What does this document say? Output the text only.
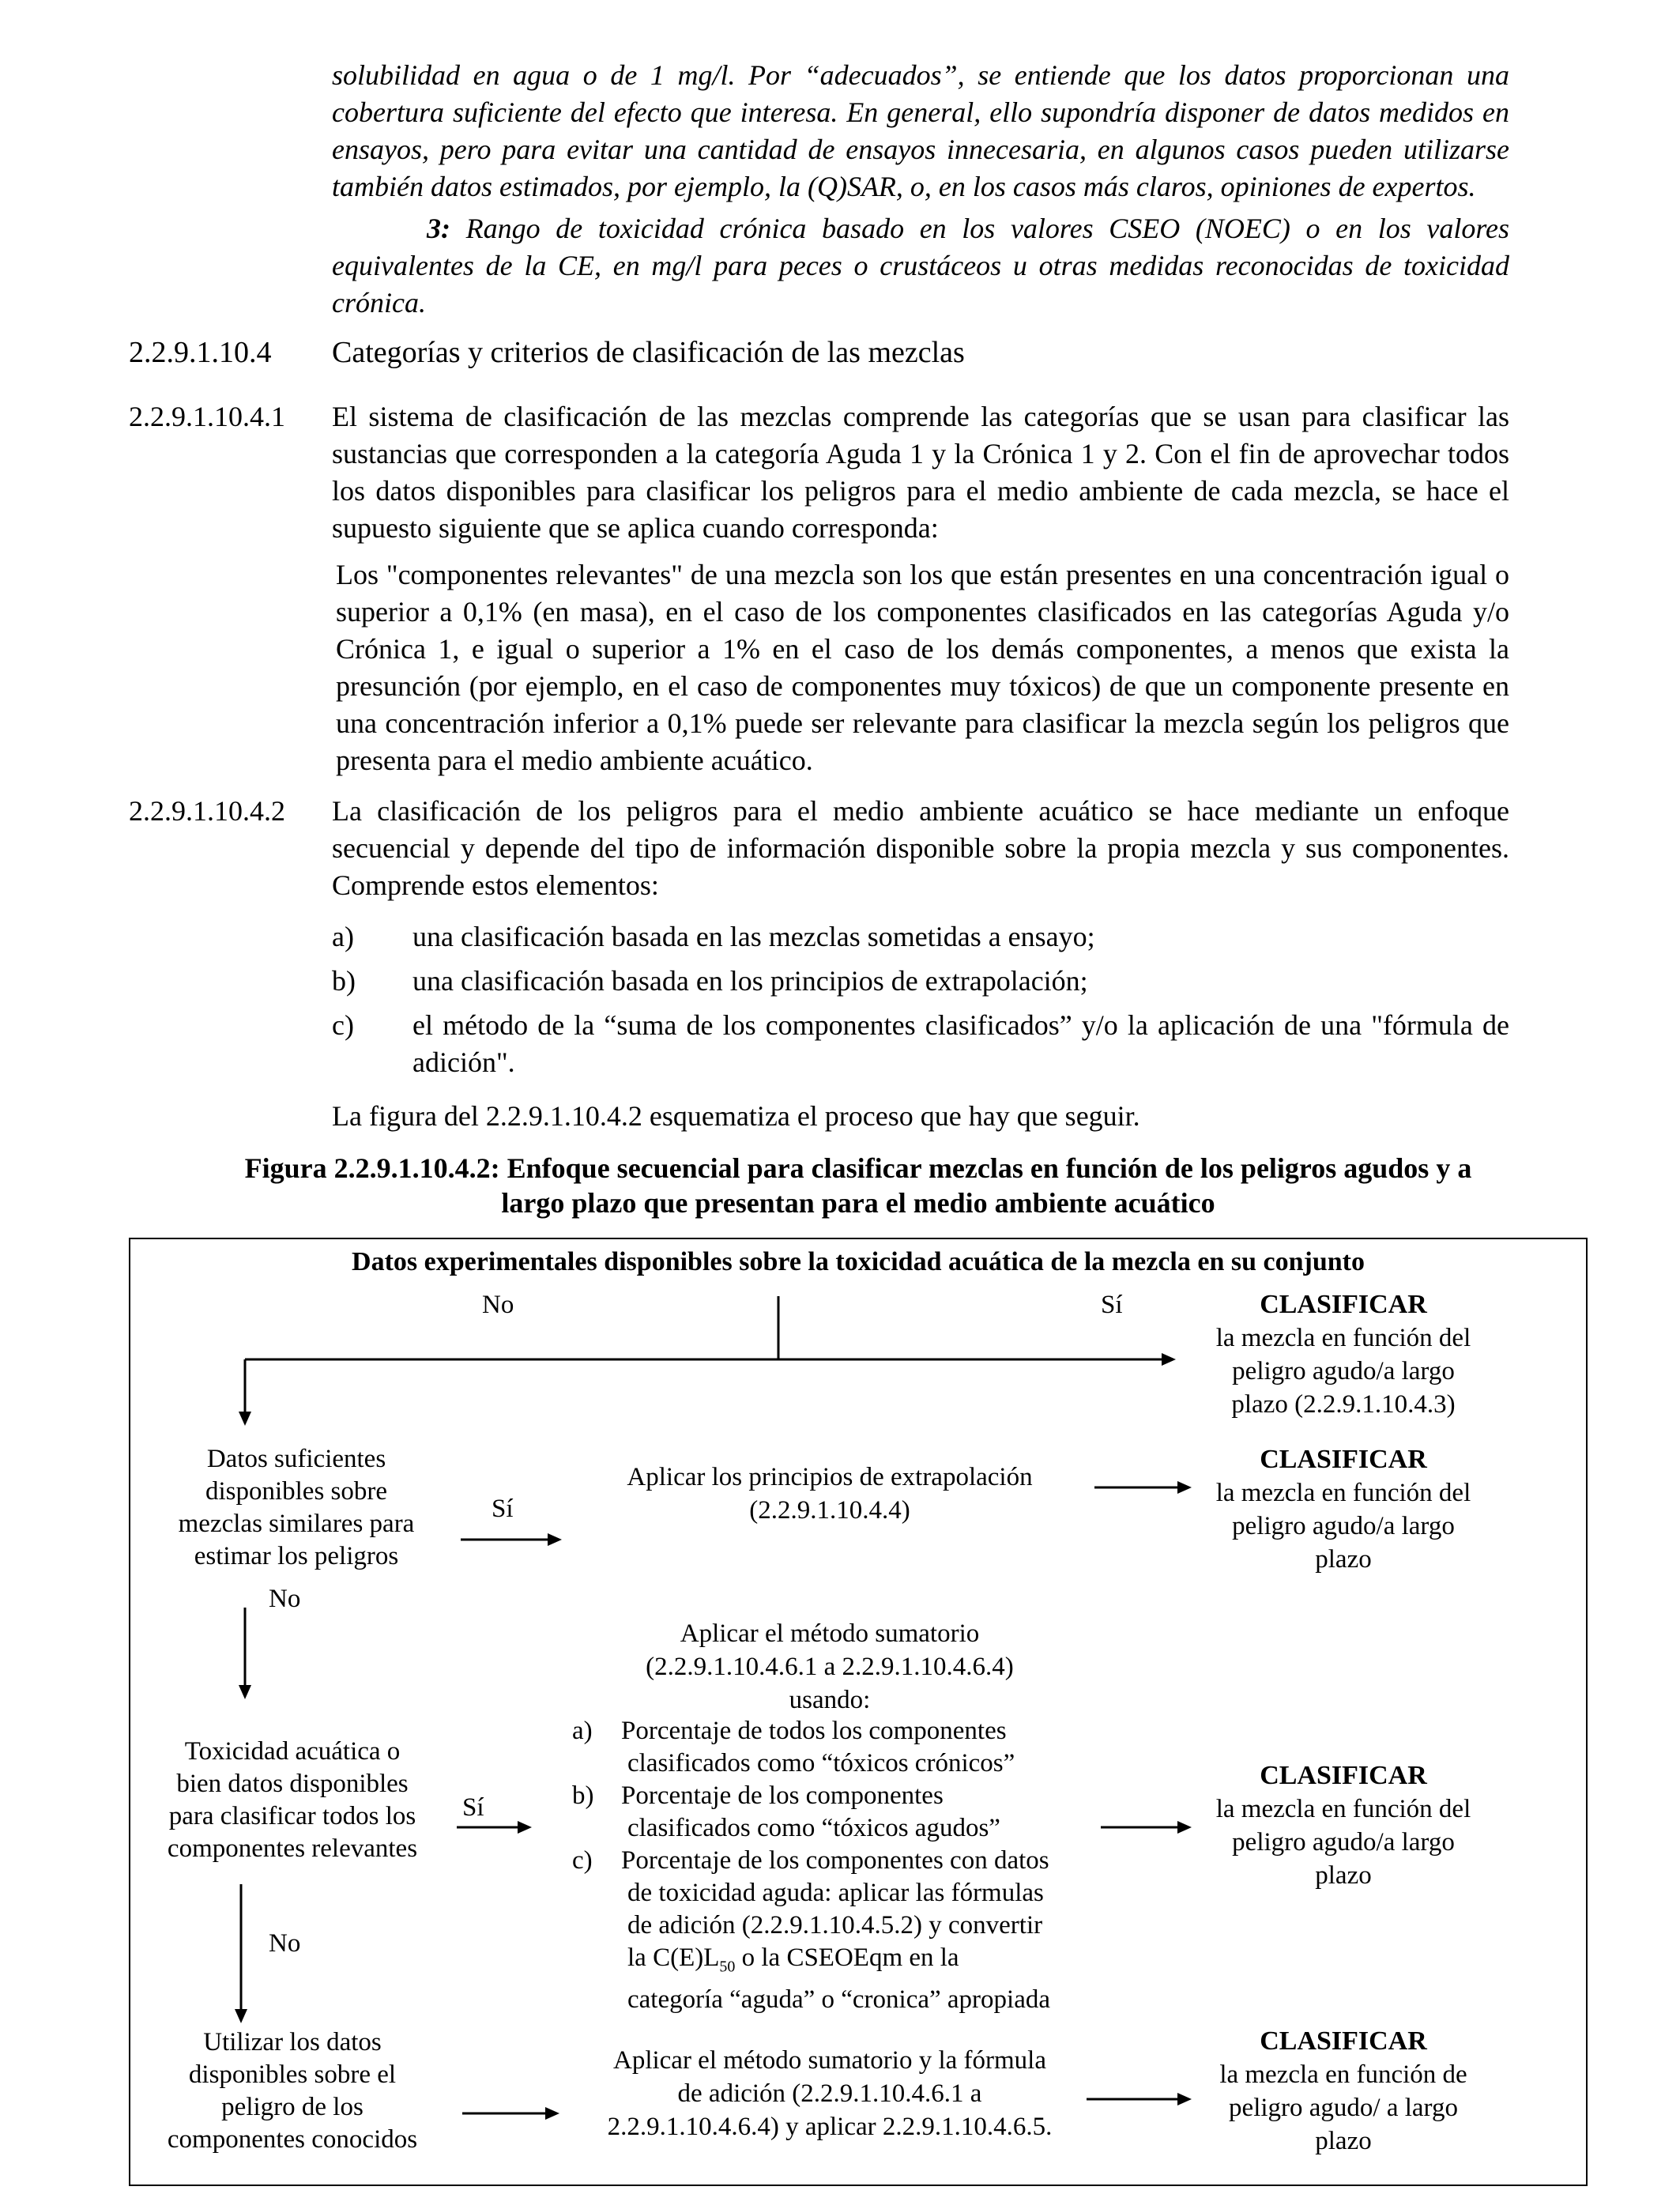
solubilidad en agua o de 1 mg/l. Por “adecuados”, se entiende que los datos proporcionan una cobertura suficiente del efecto que interesa. En general, ello supondría disponer de datos medidos en ensayos, pero para evitar una cantidad de ensayos innecesaria, en algunos casos pueden utilizarse también datos estimados, por ejemplo, la (Q)SAR, o, en los casos más claros, opiniones de expertos.
3: Rango de toxicidad crónica basado en los valores CSEO (NOEC) o en los valores equivalentes de la CE, en mg/l para peces o crustáceos u otras medidas reconocidas de toxicidad crónica.
2.2.9.1.10.4 Categorías y criterios de clasificación de las mezclas
2.2.9.1.10.4.1 El sistema de clasificación de las mezclas comprende las categorías que se usan para clasificar las sustancias que corresponden a la categoría Aguda 1 y la Crónica 1 y 2. Con el fin de aprovechar todos los datos disponibles para clasificar los peligros para el medio ambiente de cada mezcla, se hace el supuesto siguiente que se aplica cuando corresponda:
Los "componentes relevantes" de una mezcla son los que están presentes en una concentración igual o superior a 0,1% (en masa), en el caso de los componentes clasificados en las categorías Aguda y/o Crónica 1, e igual o superior a 1% en el caso de los demás componentes, a menos que exista la presunción (por ejemplo, en el caso de componentes muy tóxicos) de que un componente presente en una concentración inferior a 0,1% puede ser relevante para clasificar la mezcla según los peligros que presenta para el medio ambiente acuático.
2.2.9.1.10.4.2 La clasificación de los peligros para el medio ambiente acuático se hace mediante un enfoque secuencial y depende del tipo de información disponible sobre la propia mezcla y sus componentes. Comprende estos elementos:
a) una clasificación basada en las mezclas sometidas a ensayo;
b) una clasificación basada en los principios de extrapolación;
c) el método de la “suma de los componentes clasificados” y/o la aplicación de una "fórmula de adición".
La figura del 2.2.9.1.10.4.2 esquematiza el proceso que hay que seguir.
Figura 2.2.9.1.10.4.2: Enfoque secuencial para clasificar mezclas en función de los peligros agudos y a
largo plazo que presentan para el medio ambiente acuático
Datos experimentales disponibles sobre la toxicidad acuática de la mezcla en su conjunto
No	Sí	CLASIFICAR
la mezcla en función del
peligro agudo/a largo
plazo (2.2.9.1.10.4.3)
Datos suficientes
disponibles sobre
mezclas similares para
estimar los peligros
Sí
No
Aplicar los principios de extrapolación
(2.2.9.1.10.4.4)
CLASIFICAR
la mezcla en función del
peligro agudo/a largo
plazo
Aplicar el método sumatorio
(2.2.9.1.10.4.6.1 a 2.2.9.1.10.4.6.4)
usando:
a) Porcentaje de todos los componentes
clasificados como “tóxicos crónicos”
b) Porcentaje de los componentes
clasificados como “tóxicos agudos”
c) Porcentaje de los componentes con datos
de toxicidad aguda: aplicar las fórmulas
de adición (2.2.9.1.10.4.5.2) y convertir
la $C(E)L_{50}$ o la CSEOEqm en la
categoría “aguda” o “cronica” apropiada
Toxicidad acuática o
bien datos disponibles
para clasificar todos los
componentes relevantes
Sí
No
CLASIFICAR
la mezcla en función del
peligro agudo/a largo
plazo
Utilizar los datos
disponibles sobre el
peligro de los
componentes conocidos
Aplicar el método sumatorio y la fórmula
de adición (2.2.9.1.10.4.6.1 a
2.2.9.1.10.4.6.4) y aplicar 2.2.9.1.10.4.6.5.
CLASIFICAR
la mezcla en función de
peligro agudo/ a largo
plazo
